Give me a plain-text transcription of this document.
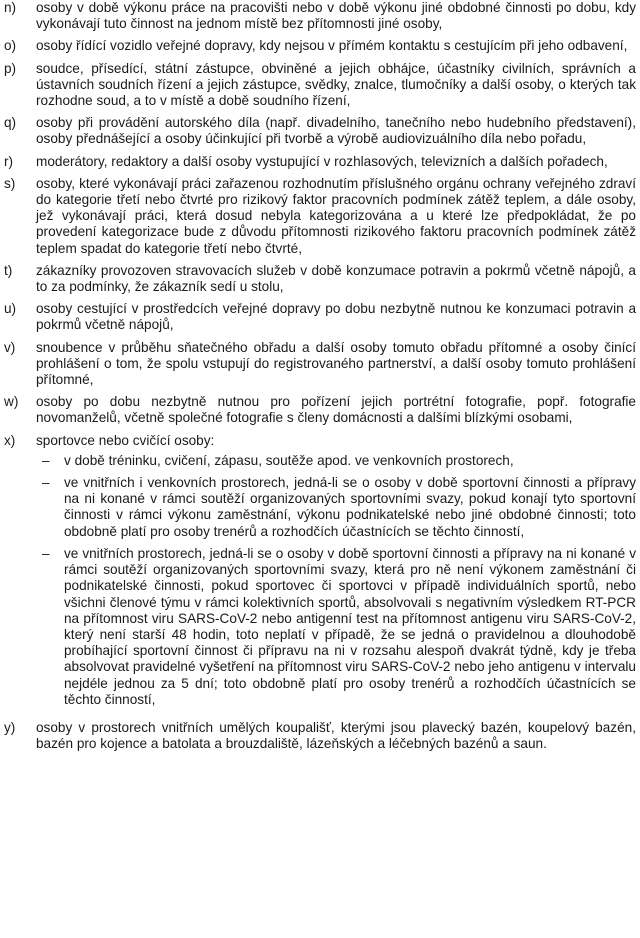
n)	osoby v době výkonu práce na pracovišti nebo v době výkonu jiné obdobné činnosti po dobu, kdy vykonávají tuto činnost na jednom místě bez přítomnosti jiné osoby,
o)	osoby řídící vozidlo veřejné dopravy, kdy nejsou v přímém kontaktu s cestujícím při jeho odbavení,
p)	soudce, přísedící, státní zástupce, obviněné a jejich obhájce, účastníky civilních, správních a ústavních soudních řízení a jejich zástupce, svědky, znalce, tlumočníky a další osoby, o kterých tak rozhodne soud, a to v místě a době soudního řízení,
q)	osoby při provádění autorského díla (např. divadelního, tanečního nebo hudebního představení), osoby přednášející a osoby účinkující při tvorbě a výrobě audiovizuálního díla nebo pořadu,
r)	moderátory, redaktory a další osoby vystupující v rozhlasových, televizních a dalších pořadech,
s)	osoby, které vykonávají práci zařazenou rozhodnutím příslušného orgánu ochrany veřejného zdraví do kategorie třetí nebo čtvrté pro rizikový faktor pracovních podmínek zátěž teplem, a dále osoby, jež vykonávají práci, která dosud nebyla kategorizována a u které lze předpokládat, že po provedení kategorizace bude z důvodu přítomnosti rizikového faktoru pracovních podmínek zátěž teplem spadat do kategorie třetí nebo čtvrté,
t)	zákazníky provozoven stravovacích služeb v době konzumace potravin a pokrmů včetně nápojů, a to za podmínky, že zákazník sedí u stolu,
u)	osoby cestující v prostředcích veřejné dopravy po dobu nezbytně nutnou ke konzumaci potravin a pokrmů včetně nápojů,
v)	snoubence v průběhu sňatečného obřadu a další osoby tomuto obřadu přítomné a osoby činící prohlášení o tom, že spolu vstupují do registrovaného partnerství, a další osoby tomuto prohlášení přítomné,
w)	osoby po dobu nezbytně nutnou pro pořízení jejich portrétní fotografie, popř. fotografie novomanželů, včetně společné fotografie s členy domácnosti a dalšími blízkými osobami,
x)	sportovce nebo cvičící osoby:
–	v době tréninku, cvičení, zápasu, soutěže apod. ve venkovních prostorech,
–	ve vnitřních i venkovních prostorech, jedná-li se o osoby v době sportovní činnosti a přípravy na ni konané v rámci soutěží organizovaných sportovními svazy, pokud konají tyto sportovní činnosti v rámci výkonu zaměstnání, výkonu podnikatelské nebo jiné obdobné činnosti; toto obdobně platí pro osoby trenérů a rozhodčích účastnících se těchto činností,
–	ve vnitřních prostorech, jedná-li se o osoby v době sportovní činnosti a přípravy na ni konané v rámci soutěží organizovaných sportovními svazy, která pro ně není výkonem zaměstnání či podnikatelské činnosti, pokud sportovec či sportovci v případě individuálních sportů, nebo všichni členové týmu v rámci kolektivních sportů, absolvovali s negativním výsledkem RT-PCR na přítomnost viru SARS-CoV-2 nebo antigenní test na přítomnost antigenu viru SARS-CoV-2, který není starší 48 hodin, toto neplatí v případě, že se jedná o pravidelnou a dlouhodobě probíhající sportovní činnost či přípravu na ni v rozsahu alespoň dvakrát týdně, kdy je třeba absolvovat pravidelné vyšetření na přítomnost viru SARS-CoV-2 nebo jeho antigenu v intervalu nejdéle jednou za 5 dní; toto obdobně platí pro osoby trenérů a rozhodčích účastnících se těchto činností,
y)	osoby v prostorech vnitřních umělých koupališť, kterými jsou plavecký bazén, koupelový bazén, bazén pro kojence a batolata a brouzdaliště, lázeňských a léčebných bazénů a saun.
